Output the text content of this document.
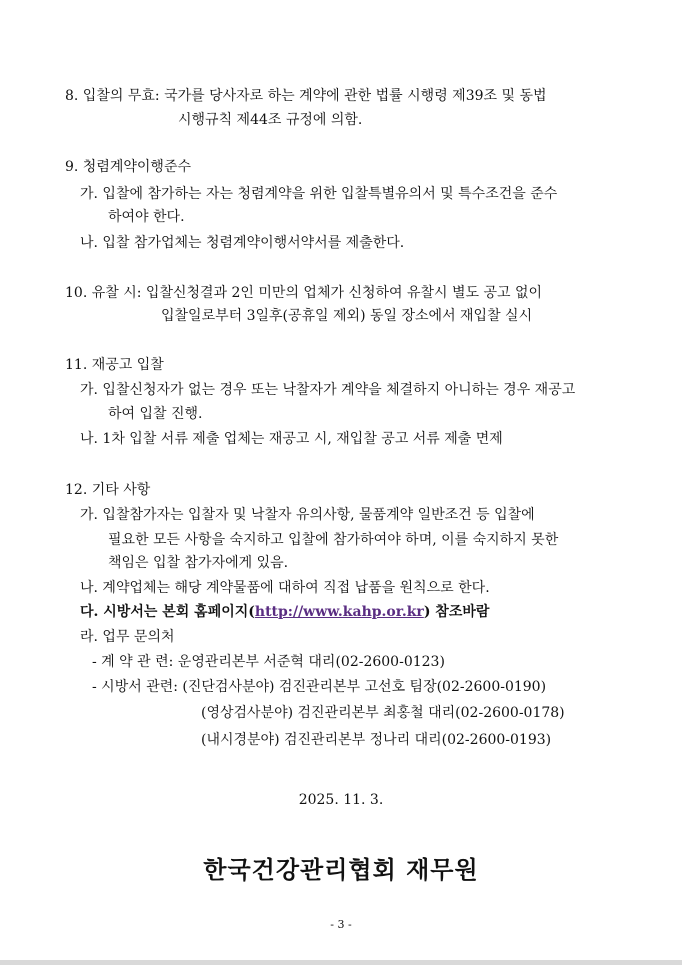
8. 입찰의 무효: 국가를 당사자로 하는 계약에 관한 법률 시행령 제39조 및 동법
시행규칙 제44조 규정에 의함.
9. 청렴계약이행준수
가. 입찰에 참가하는 자는 청렴계약을 위한 입찰특별유의서 및 특수조건을 준수
하여야 한다.
나. 입찰 참가업체는 청렴계약이행서약서를 제출한다.
10. 유찰 시: 입찰신청결과 2인 미만의 업체가 신청하여 유찰시 별도 공고 없이
입찰일로부터 3일후(공휴일 제외) 동일 장소에서 재입찰 실시
11. 재공고 입찰
가. 입찰신청자가 없는 경우 또는 낙찰자가 계약을 체결하지 아니하는 경우 재공고
하여 입찰 진행.
나. 1차 입찰 서류 제출 업체는 재공고 시, 재입찰 공고 서류 제출 면제
12. 기타 사항
가. 입찰참가자는 입찰자 및 낙찰자 유의사항, 물품계약 일반조건 등 입찰에
필요한 모든 사항을 숙지하고 입찰에 참가하여야 하며, 이를 숙지하지 못한
책임은 입찰 참가자에게 있음.
나. 계약업체는 해당 계약물품에 대하여 직접 납품을 원칙으로 한다.
다. 시방서는 본회 홈페이지(http://www.kahp.or.kr) 참조바람
라. 업무 문의처
- 계 약 관 련: 운영관리본부 서준혁 대리(02-2600-0123)
- 시방서 관련: (진단검사분야) 검진관리본부 고선호 팀장(02-2600-0190)
(영상검사분야) 검진관리본부 최홍철 대리(02-2600-0178)
(내시경분야) 검진관리본부 정나리 대리(02-2600-0193)
2025. 11. 3.
한국건강관리협회 재무원
- 3 -
